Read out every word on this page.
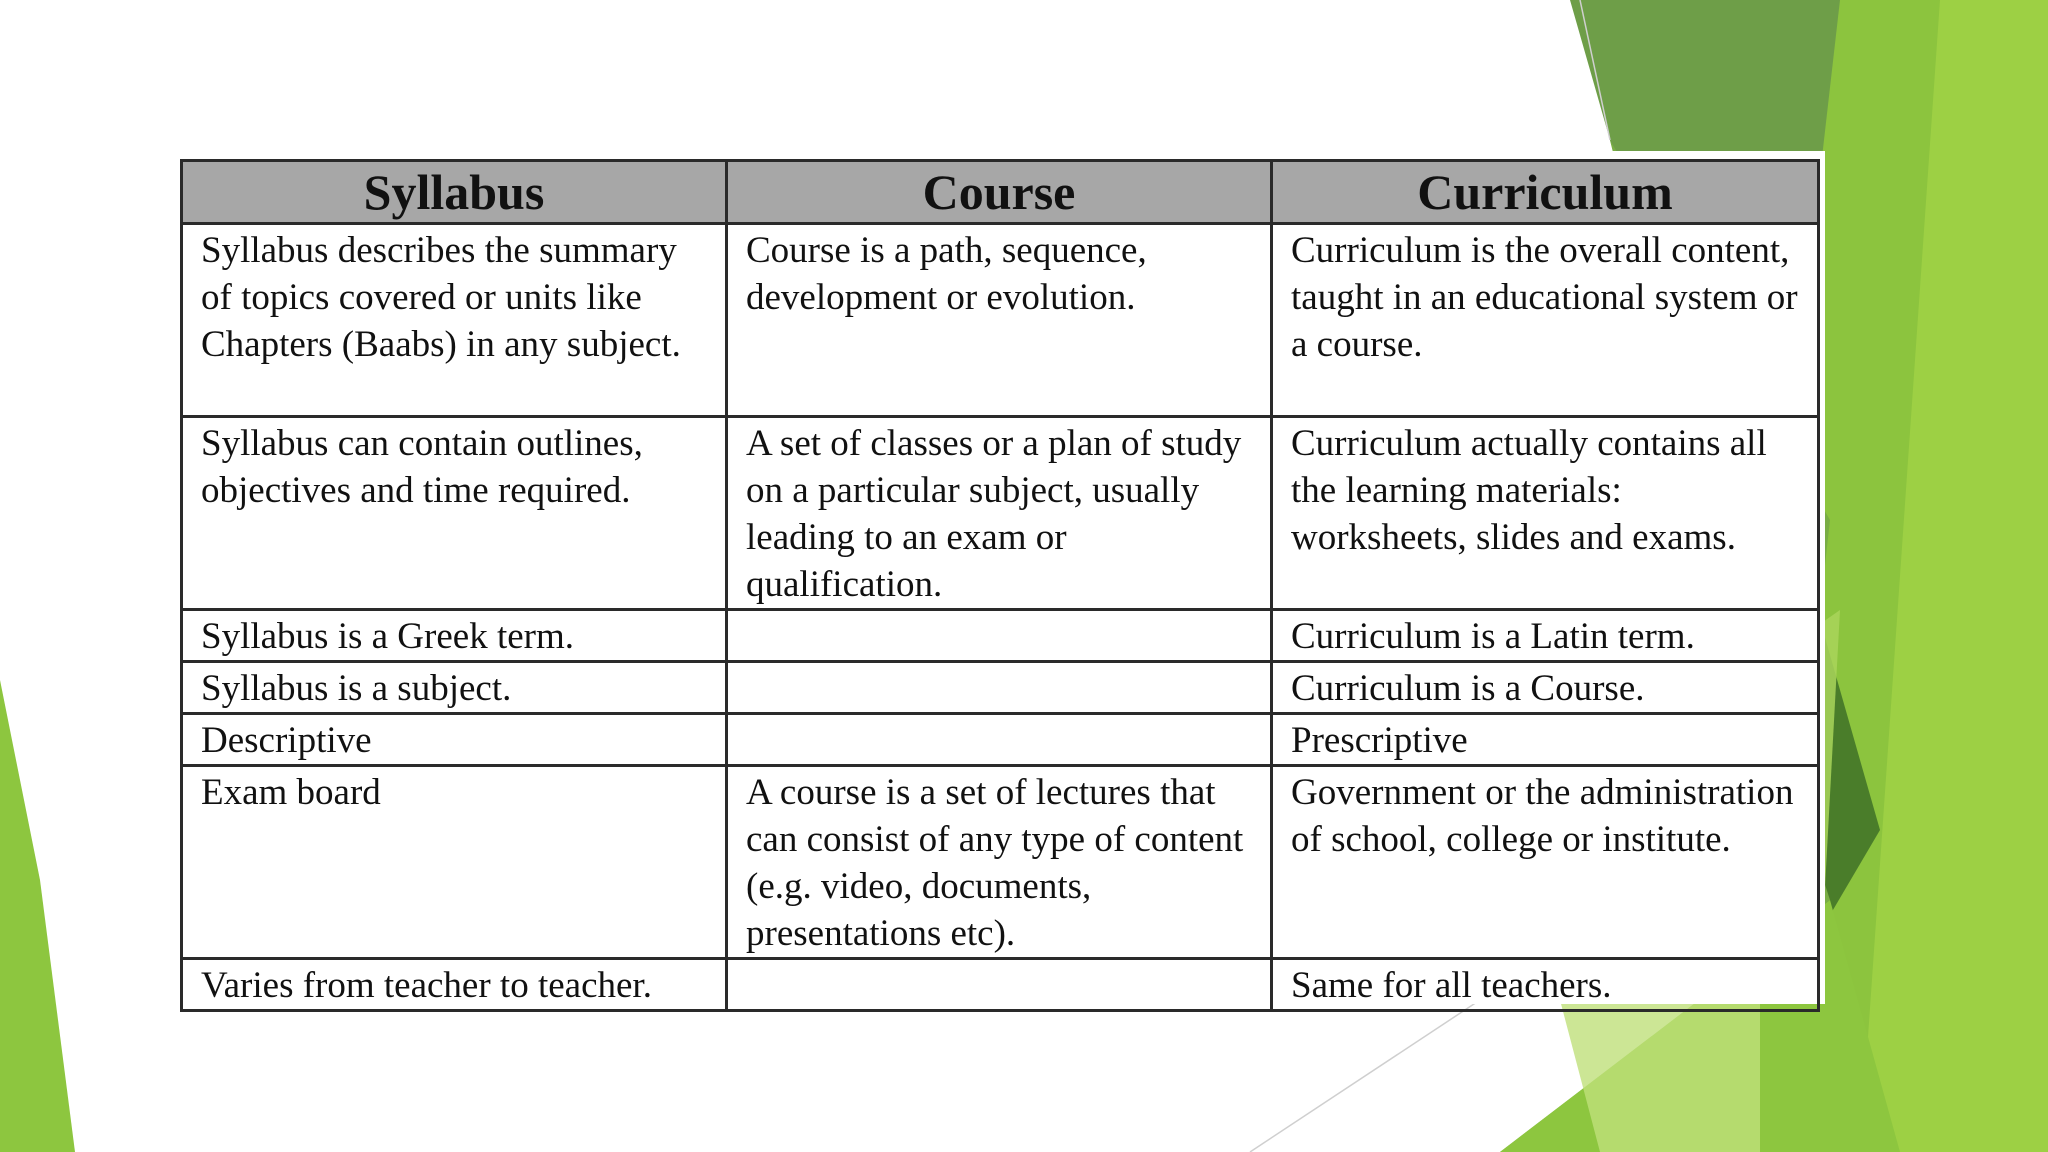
Syllabus	Course	Curriculum
Syllabus describes the summary of topics covered or units like Chapters (Baabs) in any subject.	Course is a path, sequence, development or evolution.	Curriculum is the overall content, taught in an educational system or a course.
Syllabus can contain outlines, objectives and time required.	A set of classes or a plan of study on a particular subject, usually leading to an exam or qualification.	Curriculum actually contains all the learning materials: worksheets, slides and exams.
Syllabus is a Greek term.		Curriculum is a Latin term.
Syllabus is a subject.		Curriculum is a Course.
Descriptive		Prescriptive
Exam board	A course is a set of lectures that can consist of any type of content (e.g. video, documents, presentations etc).	Government or the administration of school, college or institute.
Varies from teacher to teacher.		Same for all teachers.
